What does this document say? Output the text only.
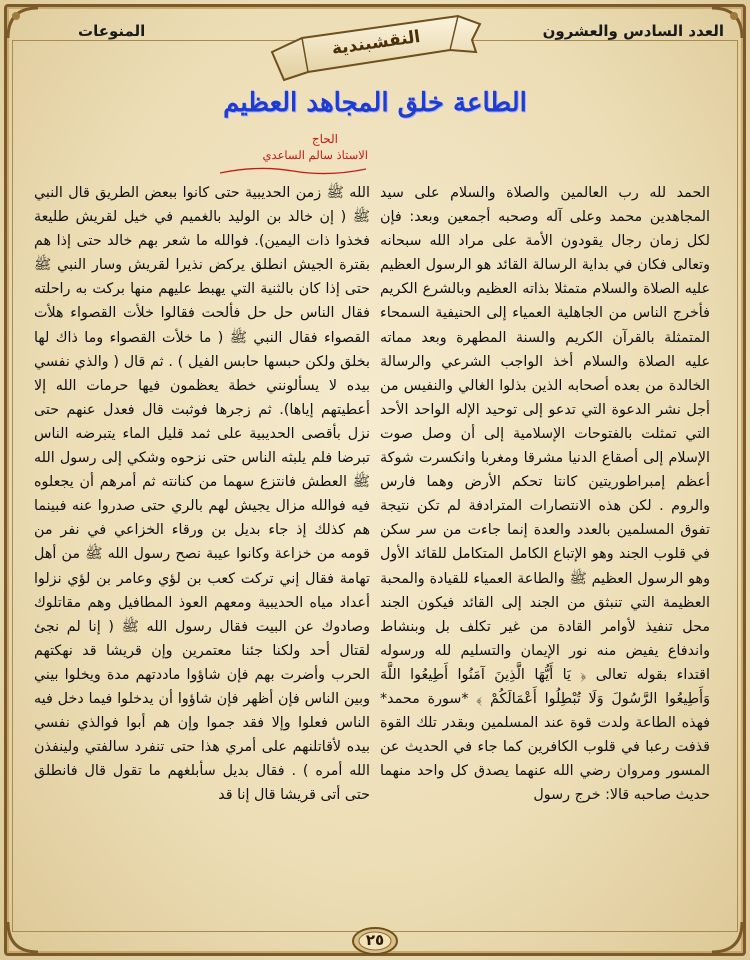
المنوعات	العدد السادس والعشرون
النقشبندية
الطاعة خلق المجاهد العظيم
الحاج
الاستاذ سالم الساعدي

الحمد لله رب العالمين والصلاة والسلام على سيد المجاهدين محمد وعلى آله وصحبه أجمعين وبعد: فإن لكل زمان رجال يقودون الأمة على مراد الله سبحانه وتعالى فكان في بداية الرسالة القائد هو الرسول العظيم عليه الصلاة والسلام متمثلا بذاته العظيم وبالشرع الكريم فأخرج الناس من الجاهلية العمياء إلى الحنيفية السمحاء المتمثلة بالقرآن الكريم والسنة المطهرة وبعد مماته عليه الصلاة والسلام أخذ الواجب الشرعي والرسالة الخالدة من بعده أصحابه الذين بذلوا الغالي والنفيس من أجل نشر الدعوة التي تدعو إلى توحيد الإله الواحد الأحد التي تمثلت بالفتوحات الإسلامية إلى أن وصل صوت الإسلام إلى أصقاع الدنيا مشرقا ومغربا وانكسرت شوكة أعظم إمبراطوريتين كانتا تحكم الأرض وهما فارس والروم . لكن هذه الانتصارات المترادفة لم تكن نتيجة تفوق المسلمين بالعدد والعدة إنما جاءت من سر سكن في قلوب الجند وهو الإتباع الكامل المتكامل للقائد الأول وهو الرسول العظيم ﷺ والطاعة العمياء للقيادة والمحبة العظيمة التي تنبثق من الجند إلى القائد فيكون الجند محل تنفيذ لأوامر القادة من غير تكلف بل وبنشاط واندفاع يفيض منه نور الإيمان والتسليم لله ورسوله اقتداء بقوله تعالى ﴿ يَا أَيُّهَا الَّذِينَ آمَنُوا أَطِيعُوا اللَّهَ وَأَطِيعُوا الرَّسُولَ وَلَا تُبْطِلُوا أَعْمَالَكُمْ ﴾ *سورة محمد* فهذه الطاعة ولدت قوة عند المسلمين وبقدر تلك القوة قذفت رعبا في قلوب الكافرين كما جاء في الحديث عن المسور ومروان رضي الله عنهما يصدق كل واحد منهما حديث صاحبه قالا: خرج رسول

الله ﷺ زمن الحديبية حتى كانوا ببعض الطريق قال النبي ﷺ ( إن خالد بن الوليد بالغميم في خيل لقريش طليعة فخذوا ذات اليمين). فوالله ما شعر بهم خالد حتى إذا هم بقترة الجيش انطلق يركض نذيرا لقريش وسار النبي ﷺ حتى إذا كان بالثنية التي يهبط عليهم منها بركت به راحلته فقال الناس حل حل فألحت فقالوا خلأت القصواء هلأت القصواء فقال النبي ﷺ ( ما خلأت القصواء وما ذاك لها بخلق ولكن حبسها حابس الفيل ) . ثم قال ( والذي نفسي بيده لا يسألونني خطة يعظمون فيها حرمات الله إلا أعطيتهم إياها). ثم زجرها فوثبت قال فعدل عنهم حتى نزل بأقصى الحديبية على ثمد قليل الماء يتبرضه الناس تبرضا فلم يلبثه الناس حتى نزحوه وشكي إلى رسول الله ﷺ العطش فانتزع سهما من كنانته ثم أمرهم أن يجعلوه فيه فوالله مزال يجيش لهم بالري حتى صدروا عنه فبينما هم كذلك إذ جاء بديل بن ورقاء الخزاعي في نفر من قومه من خزاعة وكانوا عيبة نصح رسول الله ﷺ من أهل تهامة فقال إني تركت كعب بن لؤي وعامر بن لؤي نزلوا أعداد مياه الحديبية ومعهم العوذ المطافيل وهم مقاتلوك وصادوك عن البيت فقال رسول الله ﷺ ( إنا لم نجئ لقتال أحد ولكنا جئنا معتمرين وإن قريشا قد نهكتهم الحرب وأضرت بهم فإن شاؤوا ماددتهم مدة ويخلوا بيني وبين الناس فإن أظهر فإن شاؤوا أن يدخلوا فيما دخل فيه الناس فعلوا وإلا فقد جموا وإن هم أبوا فوالذي نفسي بيده لأقاتلنهم على أمري هذا حتى تنفرد سالفتي ولينفذن الله أمره ) . فقال بديل سأبلغهم ما تقول قال فانطلق حتى أتى قريشا قال إنا قد

٢٥
